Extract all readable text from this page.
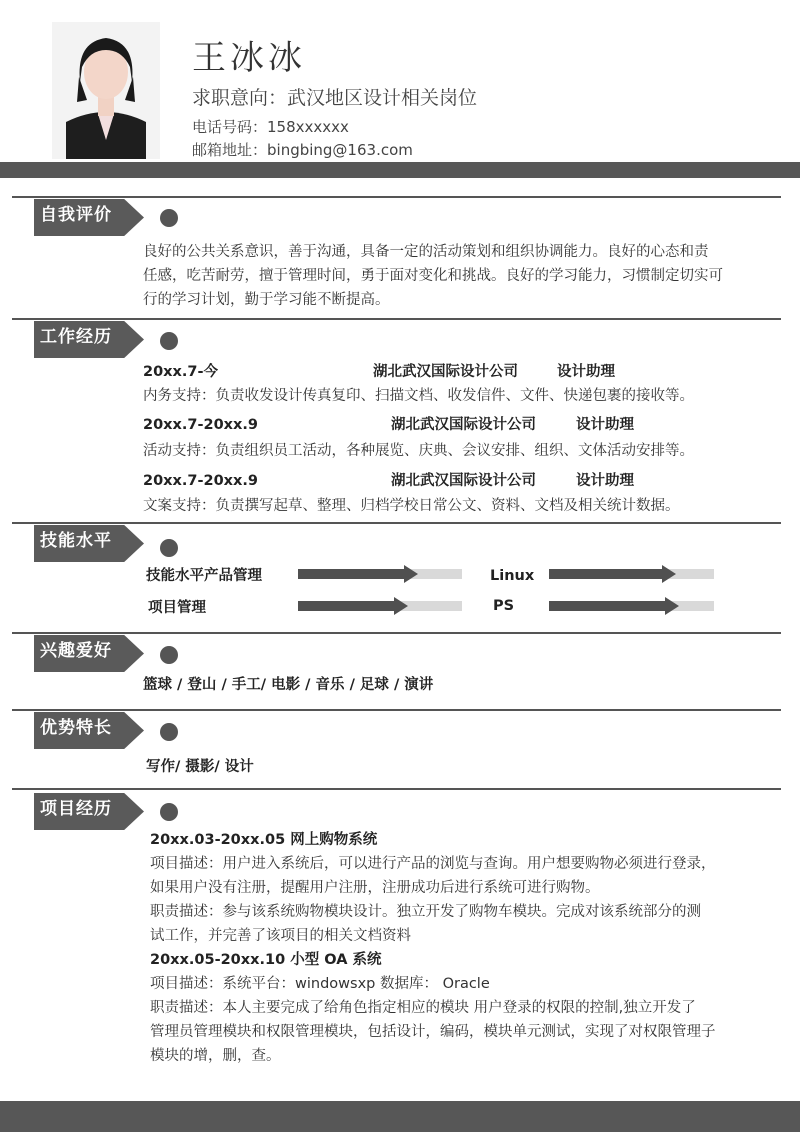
王冰冰
求职意向：武汉地区设计相关岗位
电话号码：158xxxxxx
邮箱地址：bingbing@163.com
自我评价
良好的公共关系意识，善于沟通，具备一定的活动策划和组织协调能力。良好的心态和责
任感，吃苦耐劳，擅于管理时间，勇于面对变化和挑战。良好的学习能力，习惯制定切实可
行的学习计划，勤于学习能不断提高。
工作经历
20xx.7-今	湖北武汉国际设计公司	设计助理
内务支持：负责收发设计传真复印、扫描文档、收发信件、文件、快递包裹的接收等。
20xx.7-20xx.9	湖北武汉国际设计公司	设计助理
活动支持：负责组织员工活动，各种展览、庆典、会议安排、组织、文体活动安排等。
20xx.7-20xx.9	湖北武汉国际设计公司	设计助理
文案支持：负责撰写起草、整理、归档学校日常公文、资料、文档及相关统计数据。
技能水平
技能水平产品管理	Linux
项目管理	PS
兴趣爱好
篮球 / 登山 / 手工/ 电影 / 音乐 / 足球 / 演讲
优势特长
写作/ 摄影/ 设计
项目经历
20xx.03-20xx.05 网上购物系统
项目描述：用户进入系统后，可以进行产品的浏览与查询。用户想要购物必须进行登录，
如果用户没有注册，提醒用户注册，注册成功后进行系统可进行购物。
职责描述：参与该系统购物模块设计。独立开发了购物车模块。完成对该系统部分的测
试工作，并完善了该项目的相关文档资料
20xx.05-20xx.10 小型 OA 系统
项目描述：系统平台：windowsxp 数据库： Oracle
职责描述：本人主要完成了给角色指定相应的模块 用户登录的权限的控制,独立开发了
管理员管理模块和权限管理模块，包括设计，编码，模块单元测试，实现了对权限管理子
模块的增，删，查。
